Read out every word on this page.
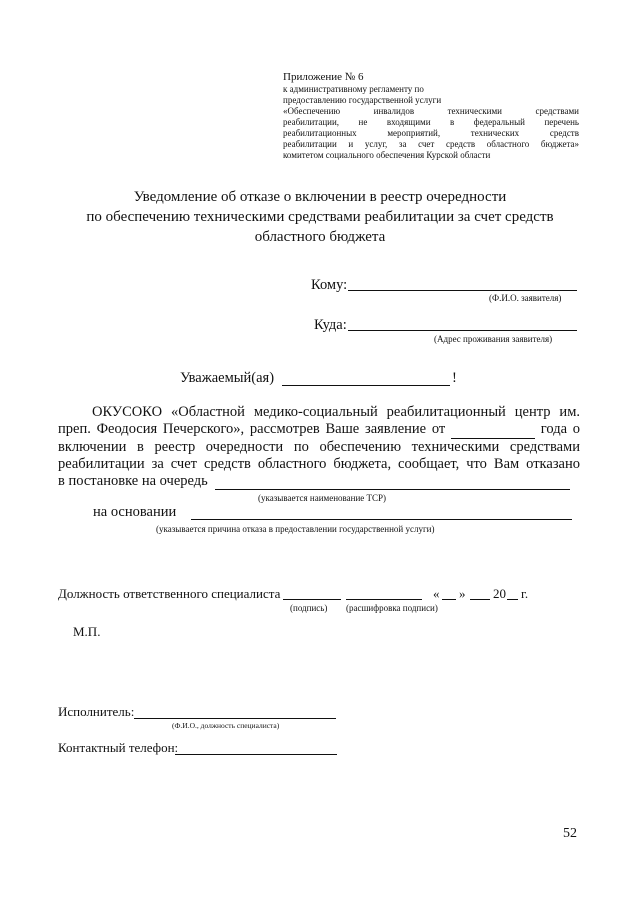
Приложение № 6
к административному регламенту по
предоставлению государственной услуги
«Обеспечению инвалидов техническими средствами
реабилитации, не входящими в федеральный перечень
реабилитационных мероприятий, технических средств
реабилитации и услуг, за счет средств областного бюджета»
комитетом социального обеспечения Курской области
Уведомление об отказе о включении в реестр очередности
по обеспечению техническими средствами реабилитации за счет средств
областного бюджета
Кому:
(Ф.И.О. заявителя)
Куда:
(Адрес проживания заявителя)
Уважаемый(ая)	!
ОКУСОКО «Областной медико-социальный реабилитационный центр им.
преп. Феодосия Печерского», рассмотрев Ваше заявление от	года о
включении в реестр очередности по обеспечению техническими средствами
реабилитации за счет средств областного бюджета, сообщает, что Вам отказано
в постановке на очередь
(указывается наименование ТСР)
на основании
(указывается причина отказа в предоставлении государственной услуги)
Должность ответственного специалиста	« » 20 г.
(подпись) (расшифровка подписи)
М.П.
Исполнитель:
(Ф.И.О., должность специалиста)
Контактный телефон:
52
